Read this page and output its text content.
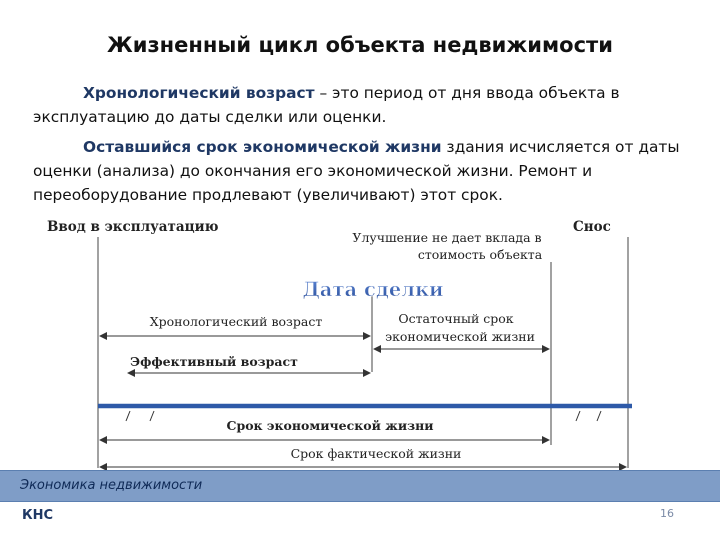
Жизненный цикл объекта недвижимости
Хронологический возраст – это период от дня ввода объекта в эксплуатацию до даты сделки или оценки.
Оставшийся срок экономической жизни здания исчисляется от даты оценки (анализа) до окончания его экономической жизни. Ремонт и переоборудование продлевают (увеличивают) этот срок.
Ввод в эксплуатацию	Снос
Улучшение не дает вклада в
стоимость объекта
Дата сделки
Хронологический возраст	Остаточный срок
экономической жизни
Эффективный возраст
Срок экономической жизни
Срок фактической жизни
Экономика недвижимости
КНС	16
